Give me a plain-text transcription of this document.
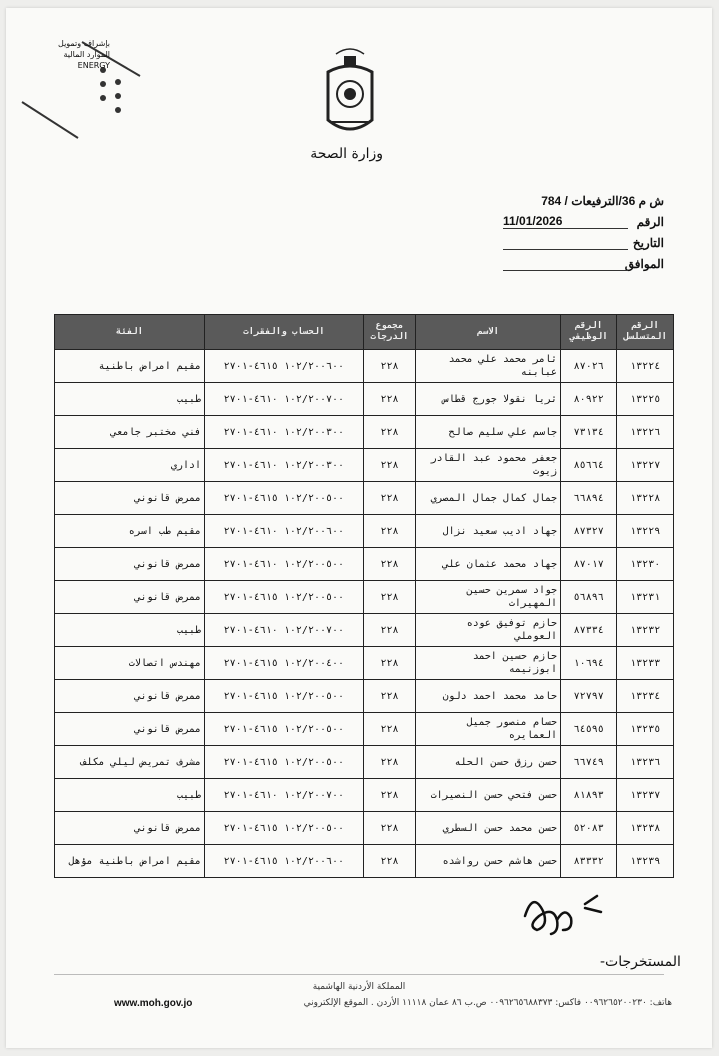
بإشراف وتمويل
الموارد المالية
ENERGY
وزارة الصحة
ش م 36/الترفيعات / 784
الرقم
11/01/2026
التاريخ
الموافق
الرقم المتسلسل	الرقم الوظيفي	الاسم	مجموع الدرجات	الحساب والفقرات	الفئة
١٣٢٢٤	٨٧٠٢٦	ثامر محمد علي محمد عبابنه	٢٢٨	١٠٢/٢٠٠٦٠٠ ٤٦١٥-٢٧٠١	مقيم امراض باطنية
١٣٢٢٥	٨٠٩٢٢	ثريا نقولا جورج قطاس	٢٢٨	١٠٢/٢٠٠٧٠٠ ٤٦١٠-٢٧٠١	طبيب
١٣٢٢٦	٧٣١٣٤	جاسم علي سليم صالح	٢٢٨	١٠٢/٢٠٠٣٠٠ ٤٦١٠-٢٧٠١	فني مختبر جامعي
١٣٢٢٧	٨٥٦٦٤	جعفر محمود عبد القادر زيوت	٢٢٨	١٠٢/٢٠٠٣٠٠ ٤٦١٠-٢٧٠١	اداري
١٣٢٢٨	٦٦٨٩٤	جمال كمال جمال المصري	٢٢٨	١٠٢/٢٠٠٥٠٠ ٤٦١٥-٢٧٠١	ممرض قانوني
١٣٢٢٩	٨٧٣٢٧	جهاد اديب سعيد نزال	٢٢٨	١٠٢/٢٠٠٦٠٠ ٤٦١٠-٢٧٠١	مقيم طب اسره
١٣٢٣٠	٨٧٠١٧	جهاد محمد عثمان علي	٢٢٨	١٠٢/٢٠٠٥٠٠ ٤٦١٠-٢٧٠١	ممرض قانوني
١٣٢٣١	٥٦٨٩٦	جواد سمرين حسين المهيرات	٢٢٨	١٠٢/٢٠٠٥٠٠ ٤٦١٥-٢٧٠١	ممرض قانوني
١٣٢٣٢	٨٧٣٣٤	حازم توفيق عوده العوملي	٢٢٨	١٠٢/٢٠٠٧٠٠ ٤٦١٠-٢٧٠١	طبيب
١٣٢٣٣	١٠٦٩٤	حازم حسين احمد ابوزنيمه	٢٢٨	١٠٢/٢٠٠٤٠٠ ٤٦١٥-٢٧٠١	مهندس اتصالات
١٣٢٣٤	٧٢٧٩٧	حامد محمد احمد دلون	٢٢٨	١٠٢/٢٠٠٥٠٠ ٤٦١٥-٢٧٠١	ممرض قانوني
١٣٢٣٥	٦٤٥٩٥	حسام منصور جميل العمايره	٢٢٨	١٠٢/٢٠٠٥٠٠ ٤٦١٥-٢٧٠١	ممرض قانوني
١٣٢٣٦	٦٦٧٤٩	حسن رزق حسن الحله	٢٢٨	١٠٢/٢٠٠٥٠٠ ٤٦١٥-٢٧٠١	مشرف تمريض ليلي مكلف
١٣٢٣٧	٨١٨٩٣	حسن فتحي حسن النصيرات	٢٢٨	١٠٢/٢٠٠٧٠٠ ٤٦١٠-٢٧٠١	طبيب
١٣٢٣٨	٥٢٠٨٣	حسن محمد حسن السطري	٢٢٨	١٠٢/٢٠٠٥٠٠ ٤٦١٥-٢٧٠١	ممرض قانوني
١٣٢٣٩	٨٣٣٣٢	حسن هاشم حسن رواشده	٢٢٨	١٠٢/٢٠٠٦٠٠ ٤٦١٥-٢٧٠١	مقيم امراض باطنية مؤهل
المستخرجات-
المملكة الأردنية الهاشمية
هاتف: ٠٠٩٦٢٦٥٢٠٠٢٣٠ فاكس: ٠٠٩٦٢٦٥٦٨٨٣٧٣ ص.ب ٨٦ عمان ١١١١٨ الأردن . الموقع الإلكتروني
www.moh.gov.jo
